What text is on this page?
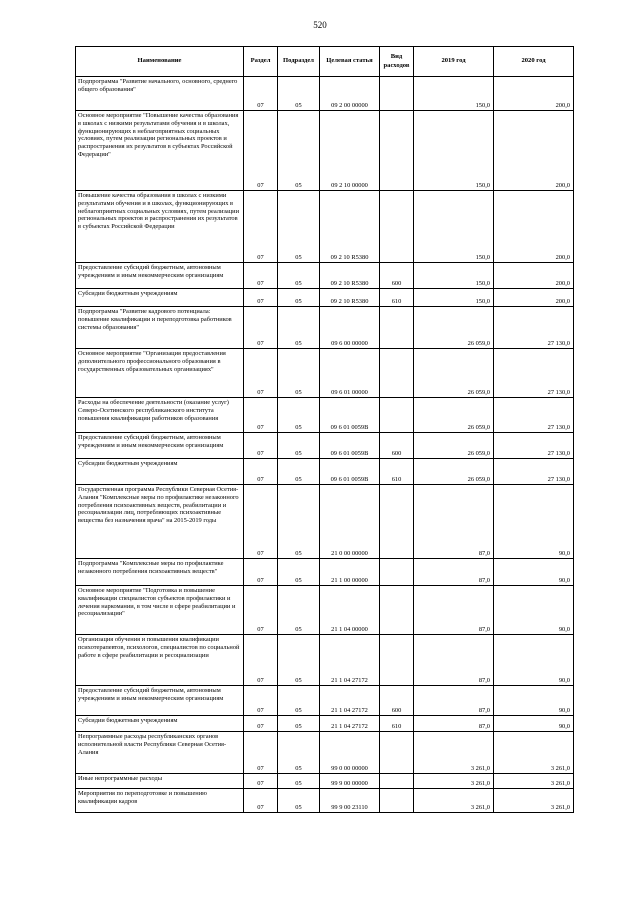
520
Наименование	Раздел	Подраздел	Целевая статья	Вид расходов	2019 год	2020 год

Подпрограмма "Развитие начального, основного, среднего общего образования"	07	05	09 2 00 00000		150,0	200,0

Основное мероприятие "Повышение качества образования в школах с низкими результатами обучения и в школах, функционирующих в неблагоприятных социальных условиях, путем реализации региональных проектов и распространения их результатов в субъектах Российской Федерации"	07	05	09 2 10 00000		150,0	200,0

Повышение качества образования в школах с низкими результатами обучения и в школах, функционирующих в неблагоприятных социальных условиях, путем реализации региональных проектов и распространения их результатов в субъектах Российской Федерации	07	05	09 2 10 R5380		150,0	200,0

Предоставление субсидий бюджетным, автономным учреждениям и иным некоммерческим организациям	07	05	09 2 10 R5380	600	150,0	200,0

Субсидии бюджетным учреждениям	07	05	09 2 10 R5380	610	150,0	200,0

Подпрограмма "Развитие кадрового потенциала: повышение квалификации и переподготовка работников системы образования"	07	05	09 6 00 00000		26 059,0	27 130,0

Основное мероприятие "Организация предоставления дополнительного профессионального образования в государственных образовательных организациях"	07	05	09 6 01 00000		26 059,0	27 130,0

Расходы на обеспечение деятельности (оказание услуг) Северо-Осетинского республиканского института повышения квалификации работников образования	07	05	09 6 01 0059В		26 059,0	27 130,0

Предоставление субсидий бюджетным, автономным учреждениям и иным некоммерческим организациям	07	05	09 6 01 0059В	600	26 059,0	27 130,0

Субсидии бюджетным учреждениям	07	05	09 6 01 0059В	610	26 059,0	27 130,0

Государственная программа Республики Северная Осетия-Алания "Комплексные меры по профилактике незаконного потребления психоактивных веществ, реабилитации и ресоциализации лиц, потребляющих психоактивные вещества без назначения врача" на 2015-2019 годы	07	05	21 0 00 00000		87,0	90,0

Подпрограмма "Комплексные меры по профилактике незаконного потребления психоактивных веществ"	07	05	21 1 00 00000		87,0	90,0

Основное мероприятие "Подготовка и повышение квалификации специалистов субъектов профилактики и лечения наркомании, в том числе в сфере реабилитации и ресоциализации"	07	05	21 1 04 00000		87,0	90,0

Организация обучения и повышения квалификации психотерапевтов, психологов, специалистов по социальной работе в сфере реабилитации и ресоциализации	07	05	21 1 04 27172		87,0	90,0

Предоставление субсидий бюджетным, автономным учреждениям и иным некоммерческим организациям	07	05	21 1 04 27172	600	87,0	90,0

Субсидии бюджетным учреждениям	07	05	21 1 04 27172	610	87,0	90,0

Непрограммные расходы республиканских органов исполнительной власти Республики Северная Осетия-Алания	07	05	99 0 00 00000		3 261,0	3 261,0

Иные непрограммные расходы	07	05	99 9 00 00000		3 261,0	3 261,0

Мероприятия по переподготовке и повышению квалификации кадров	07	05	99 9 00 23110		3 261,0	3 261,0
